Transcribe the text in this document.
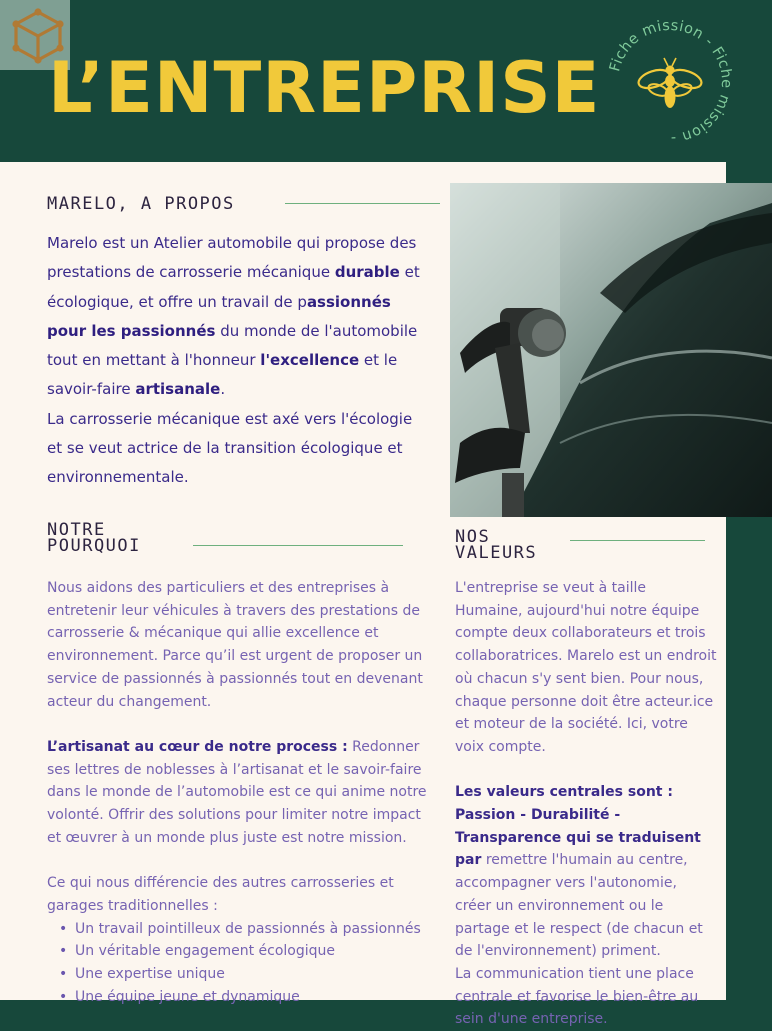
L’ENTREPRISE Fiche mission - Fiche mission -
MARELO, A PROPOS
Marelo est un Atelier automobile qui propose des prestations de carrosserie mécanique durable et écologique, et offre un travail de passionnés pour les passionnés du monde de l'automobile tout en mettant à l'honneur l'excellence et le savoir-faire artisanale.
La carrosserie mécanique est axé vers l'écologie et se veut actrice de la transition écologique et environnementale.
NOTRE
POURQUOI
Nous aidons des particuliers et des entreprises à entretenir leur véhicules à travers des prestations de carrosserie & mécanique qui allie excellence et environnement. Parce qu’il est urgent de proposer un service de passionnés à passionnés tout en devenant acteur du changement.
L’artisanat au cœur de notre process : Redonner ses lettres de noblesses à l’artisanat et le savoir-faire dans le monde de l’automobile est ce qui anime notre volonté. Offrir des solutions pour limiter notre impact et œuvrer à un monde plus juste est notre mission.
Ce qui nous différencie des autres carrosseries et garages traditionnelles :
• Un travail pointilleux de passionnés à passionnés
• Un véritable engagement écologique
• Une expertise unique
• Une équipe jeune et dynamique
NOS
VALEURS
L'entreprise se veut à taille Humaine, aujourd'hui notre équipe compte deux collaborateurs et trois collaboratrices. Marelo est un endroit où chacun s'y sent bien. Pour nous, chaque personne doit être acteur.ice et moteur de la société. Ici, votre voix compte.
Les valeurs centrales sont :
Passion - Durabilité - Transparence qui se traduisent par remettre l'humain au centre, accompagner vers l'autonomie, créer un environnement ou le partage et le respect (de chacun et de l'environnement) priment.
La communication tient une place centrale et favorise le bien-être au sein d'une entreprise.
